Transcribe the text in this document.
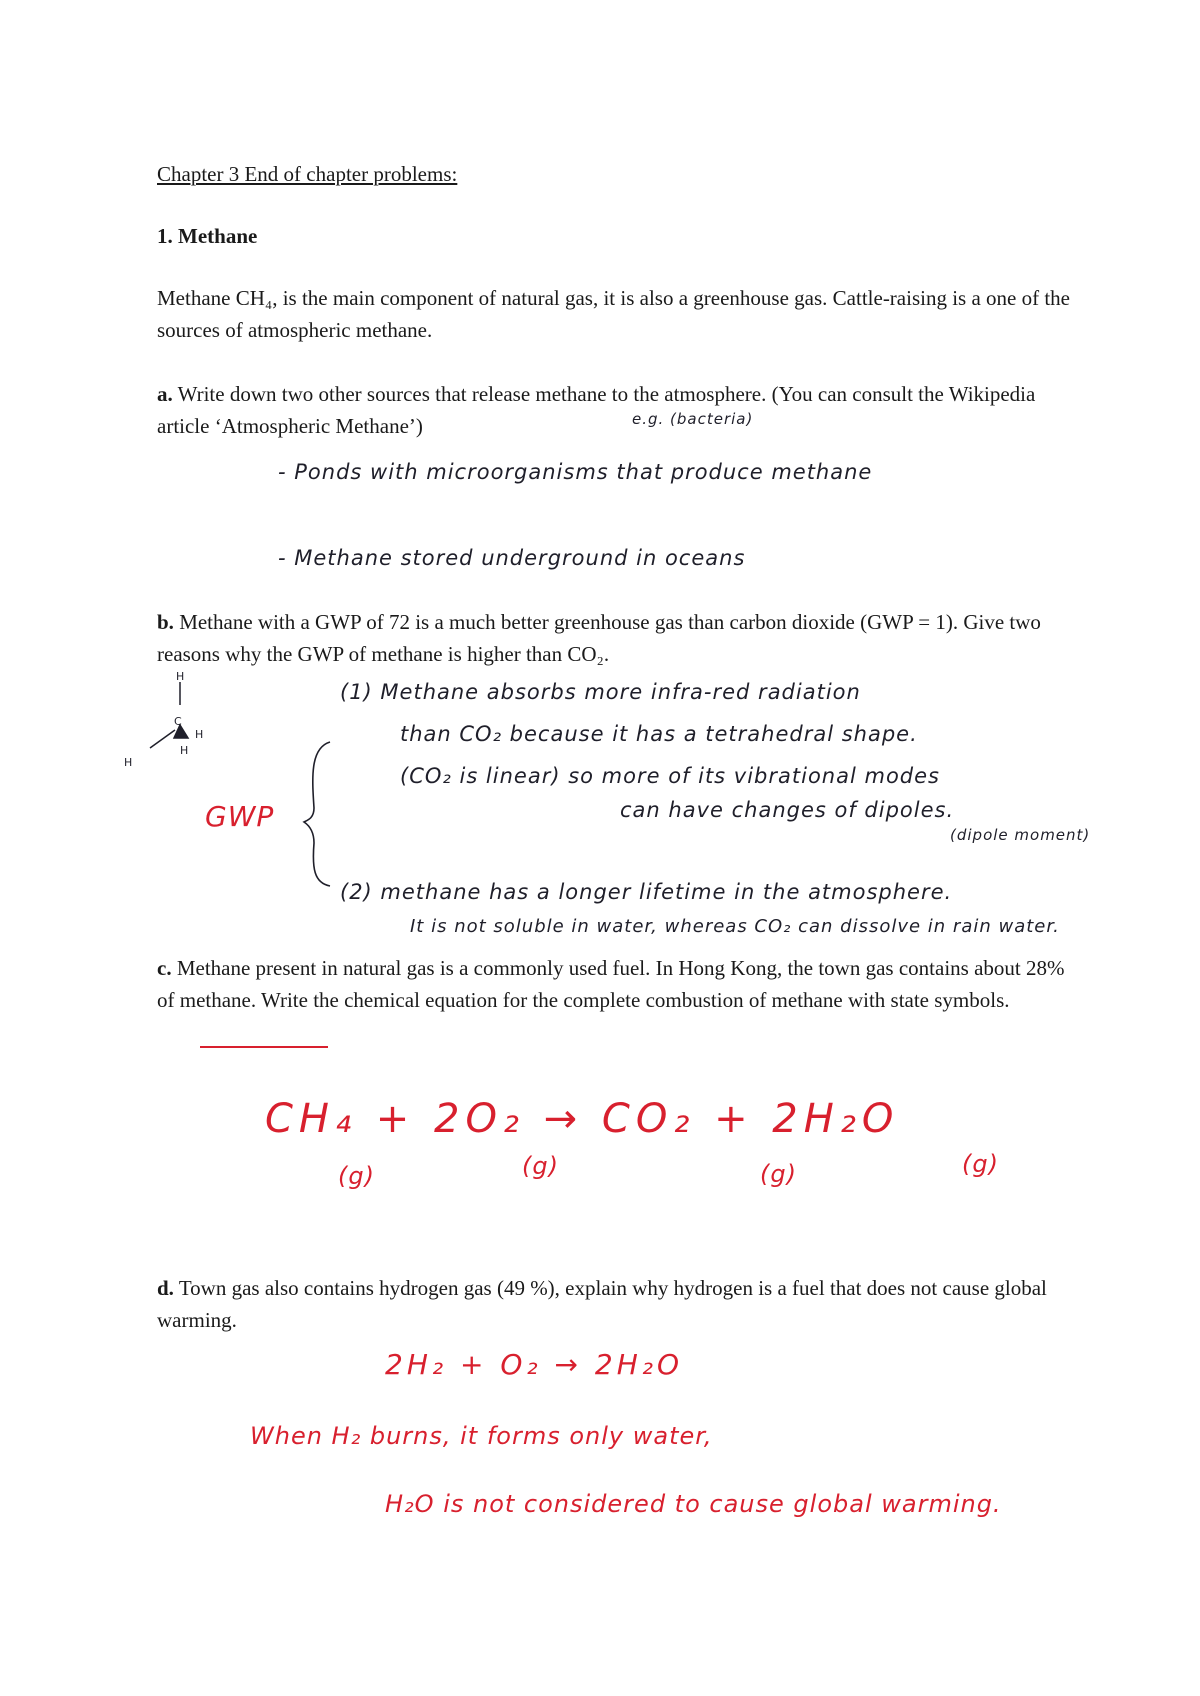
Chapter 3 End of chapter problems:
1. Methane
Methane CH₄, is the main component of natural gas, it is also a greenhouse gas. Cattle-raising is a one of the sources of atmospheric methane.
a. Write down two other sources that release methane to the atmosphere. (You can consult the Wikipedia article ‘Atmospheric Methane’)	e.g. (bacteria)
- Ponds with microorganisms that produce methane
- Methane stored underground in oceans
b. Methane with a GWP of 72 is a much better greenhouse gas than carbon dioxide (GWP = 1). Give two reasons why the GWP of methane is higher than CO₂.
H
C
H
H
H
GWP
(1) Methane absorbs more infra-red radiation
than CO₂ because it has a tetrahedral shape.
(CO₂ is linear) so more of its vibrational modes
can have changes of dipoles.
(dipole moment)
(2) methane has a longer lifetime in the atmosphere.
It is not soluble in water, whereas CO₂ can dissolve in rain water.
c. Methane present in natural gas is a commonly used fuel. In Hong Kong, the town gas contains about 28% of methane. Write the chemical equation for the complete combustion of methane with state symbols.
CH₄ + 2O₂ → CO₂ + 2H₂O
(g)	(g)	(g)	(g)
d. Town gas also contains hydrogen gas (49 %), explain why hydrogen is a fuel that does not cause global warming.
2H₂ + O₂ → 2H₂O
When H₂ burns, it forms only water,
H₂O is not considered to cause global warming.
